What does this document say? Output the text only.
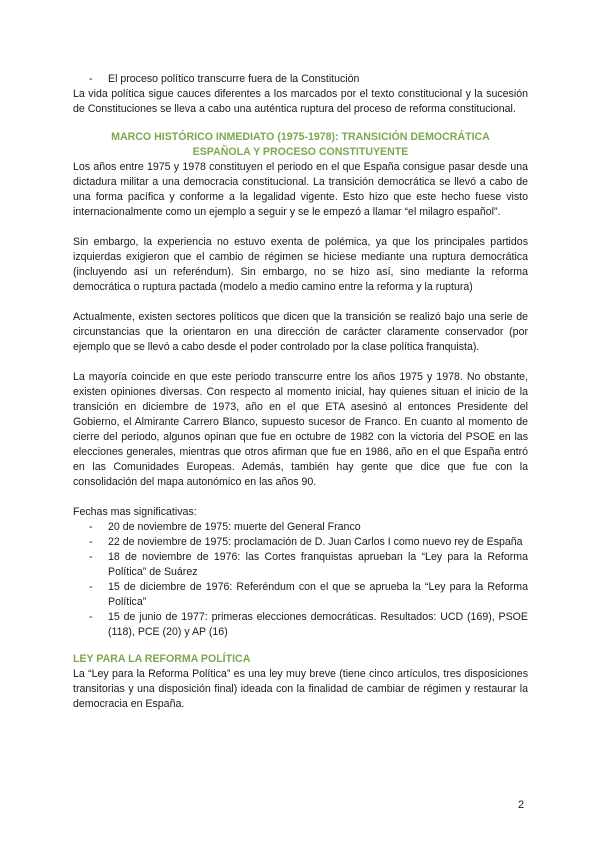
- El proceso político transcurre fuera de la Constitución

La vida política sigue cauces diferentes a los marcados por el texto constitucional y la sucesión de Constituciones se lleva a cabo una auténtica ruptura del proceso de reforma constitucional.

MARCO HISTÓRICO INMEDIATO (1975-1978): TRANSICIÓN DEMOCRÁTICA
ESPAÑOLA Y PROCESO CONSTITUYENTE

Los años entre 1975 y 1978 constituyen el periodo en el que España consigue pasar desde una dictadura militar a una democracia constitucional. La transición democrática se llevó a cabo de una forma pacífica y conforme a la legalidad vigente. Esto hizo que este hecho fuese visto internacionalmente como un ejemplo a seguir y se le empezó a llamar “el milagro español”.

Sin embargo, la experiencia no estuvo exenta de polémica, ya que los principales partidos izquierdas exigieron que el cambio de régimen se hiciese mediante una ruptura democrática (incluyendo así un referéndum). Sin embargo, no se hizo así, sino mediante la reforma democrática o ruptura pactada (modelo a medio camino entre la reforma y la ruptura)

Actualmente, existen sectores políticos que dicen que la transición se realizó bajo una serie de circunstancias que la orientaron en una dirección de carácter claramente conservador (por ejemplo que se llevó a cabo desde el poder controlado por la clase política franquista).

La mayoría coincide en que este periodo transcurre entre los años 1975 y 1978. No obstante, existen opiniones diversas. Con respecto al momento inicial, hay quienes situan el inicio de la transición en diciembre de 1973, año en el que ETA asesinó al entonces Presidente del Gobierno, el Almirante Carrero Blanco, supuesto sucesor de Franco. En cuanto al momento de cierre del periodo, algunos opinan que fue en octubre de 1982 con la victoria del PSOE en las elecciones generales, mientras que otros afirman que fue en 1986, año en el que España entró en las Comunidades Europeas. Además, también hay gente que dice que fue con la consolidación del mapa autonómico en las años 90.

Fechas mas significativas:

- 20 de noviembre de 1975: muerte del General Franco

- 22 de noviembre de 1975: proclamación de D. Juan Carlos I como nuevo rey de España

- 18 de noviembre de 1976: las Cortes franquistas aprueban la “Ley para la Reforma Política” de Suárez

- 15 de diciembre de 1976: Referéndum con el que se aprueba la “Ley para la Reforma Política”

- 15 de junio de 1977: primeras elecciones democráticas. Resultados: UCD (169), PSOE (118), PCE (20) y AP (16)

LEY PARA LA REFORMA POLÍTICA

La “Ley para la Reforma Política” es una ley muy breve (tiene cinco artículos, tres disposiciones transitorias y una disposición final) ideada con la finalidad de cambiar de régimen y restaurar la democracia en España.

2
